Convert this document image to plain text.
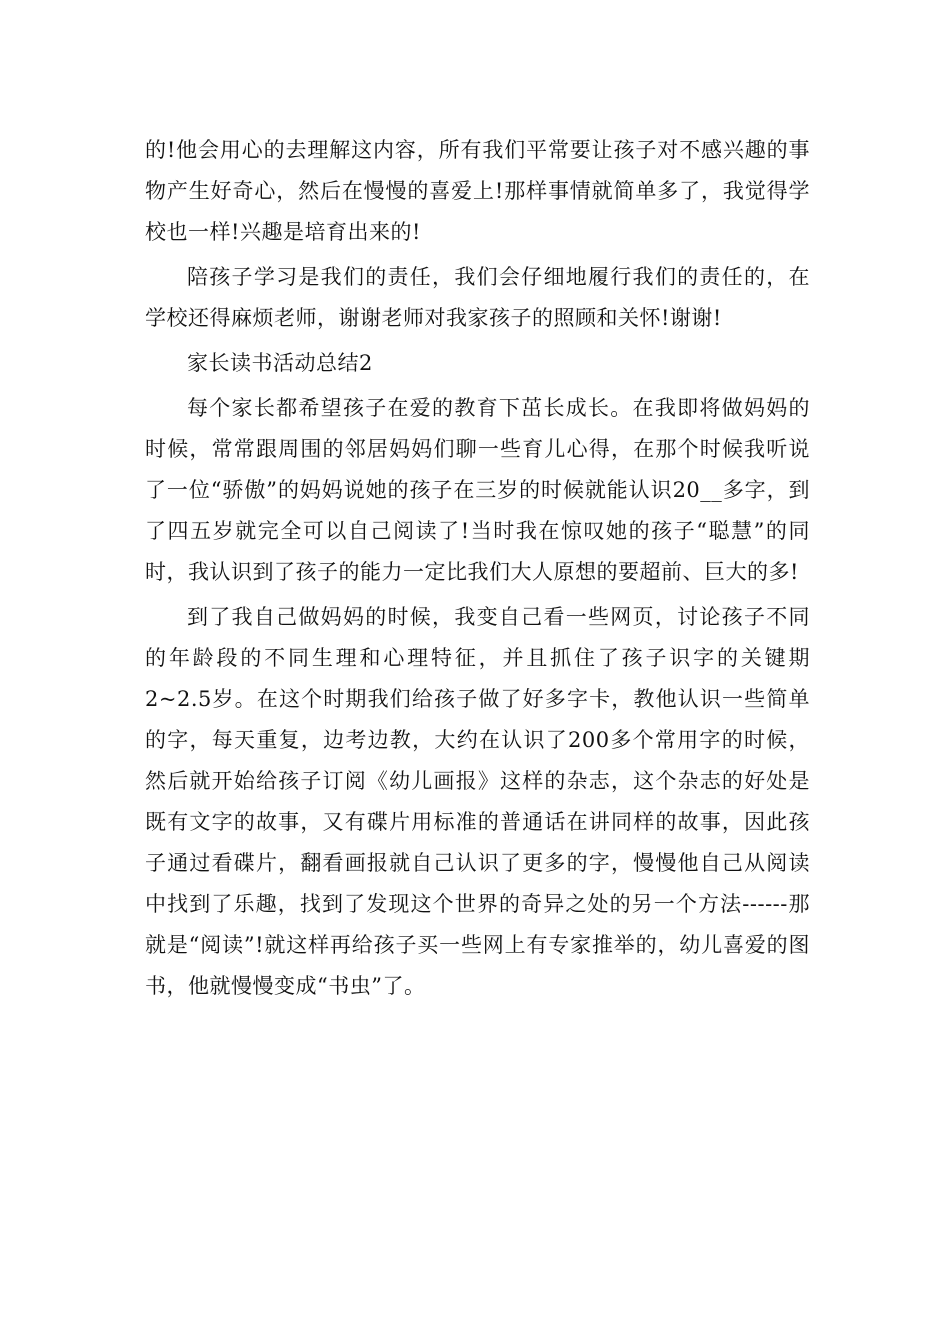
的!他会用心的去理解这内容，所有我们平常要让孩子对不感兴趣的事物产生好奇心，然后在慢慢的喜爱上!那样事情就简单多了，我觉得学校也一样!兴趣是培育出来的!

陪孩子学习是我们的责任，我们会仔细地履行我们的责任的，在学校还得麻烦老师，谢谢老师对我家孩子的照顾和关怀!谢谢!

家长读书活动总结2

每个家长都希望孩子在爱的教育下茁长成长。在我即将做妈妈的时候，常常跟周围的邻居妈妈们聊一些育儿心得，在那个时候我听说了一位“骄傲”的妈妈说她的孩子在三岁的时候就能认识20__多字，到了四五岁就完全可以自己阅读了!当时我在惊叹她的孩子“聪慧”的同时，我认识到了孩子的能力一定比我们大人原想的要超前、巨大的多!

到了我自己做妈妈的时候，我变自己看一些网页，讨论孩子不同的年龄段的不同生理和心理特征，并且抓住了孩子识字的关键期2~2.5岁。在这个时期我们给孩子做了好多字卡，教他认识一些简单的字，每天重复，边考边教，大约在认识了200多个常用字的时候，然后就开始给孩子订阅《幼儿画报》这样的杂志，这个杂志的好处是既有文字的故事，又有碟片用标准的普通话在讲同样的故事，因此孩子通过看碟片，翻看画报就自己认识了更多的字，慢慢他自己从阅读中找到了乐趣，找到了发现这个世界的奇异之处的另一个方法------那就是“阅读”!就这样再给孩子买一些网上有专家推举的，幼儿喜爱的图书，他就慢慢变成“书虫”了。
